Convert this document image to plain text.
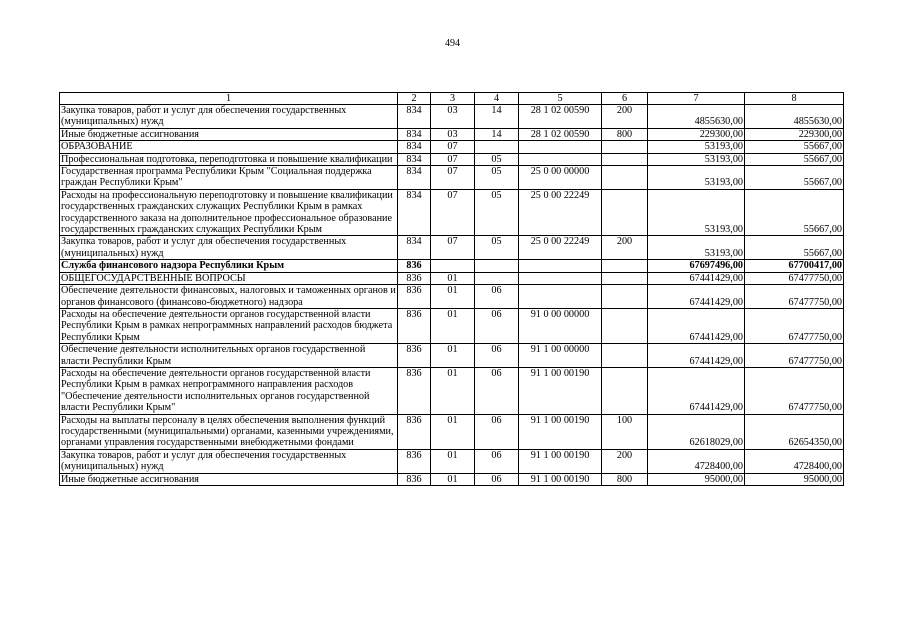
494
1	2	3	4	5	6	7	8
Закупка товаров, работ и услуг для обеспечения государственных (муниципальных) нужд	834	03	14	28 1 02 00590	200	4855630,00	4855630,00
Иные бюджетные ассигнования	834	03	14	28 1 02 00590	800	229300,00	229300,00
ОБРАЗОВАНИЕ	834	07				53193,00	55667,00
Профессиональная подготовка, переподготовка и повышение квалификации	834	07	05			53193,00	55667,00
Государственная программа Республики Крым "Социальная поддержка граждан Республики Крым"	834	07	05	25 0 00 00000		53193,00	55667,00
Расходы на профессиональную переподготовку и повышение квалификации государственных гражданских служащих Республики Крым в рамках государственного заказа на дополнительное профессиональное образование государственных гражданских служащих Республики Крым	834	07	05	25 0 00 22249		53193,00	55667,00
Закупка товаров, работ и услуг для обеспечения государственных (муниципальных) нужд	834	07	05	25 0 00 22249	200	53193,00	55667,00
Служба финансового надзора Республики Крым	836					67697496,00	67700417,00
ОБЩЕГОСУДАРСТВЕННЫЕ ВОПРОСЫ	836	01				67441429,00	67477750,00
Обеспечение деятельности финансовых, налоговых и таможенных органов и органов финансового (финансово-бюджетного) надзора	836	01	06			67441429,00	67477750,00
Расходы на обеспечение деятельности органов государственной власти Республики Крым в рамках непрограммных направлений расходов бюджета Республики Крым	836	01	06	91 0 00 00000		67441429,00	67477750,00
Обеспечение деятельности исполнительных органов государственной власти Республики Крым	836	01	06	91 1 00 00000		67441429,00	67477750,00
Расходы на обеспечение деятельности органов государственной власти Республики Крым в рамках непрограммного направления расходов "Обеспечение деятельности исполнительных органов государственной власти Республики Крым"	836	01	06	91 1 00 00190		67441429,00	67477750,00
Расходы на выплаты персоналу в целях обеспечения выполнения функций государственными (муниципальными) органами, казенными учреждениями, органами управления государственными внебюджетными фондами	836	01	06	91 1 00 00190	100	62618029,00	62654350,00
Закупка товаров, работ и услуг для обеспечения государственных (муниципальных) нужд	836	01	06	91 1 00 00190	200	4728400,00	4728400,00
Иные бюджетные ассигнования	836	01	06	91 1 00 00190	800	95000,00	95000,00
